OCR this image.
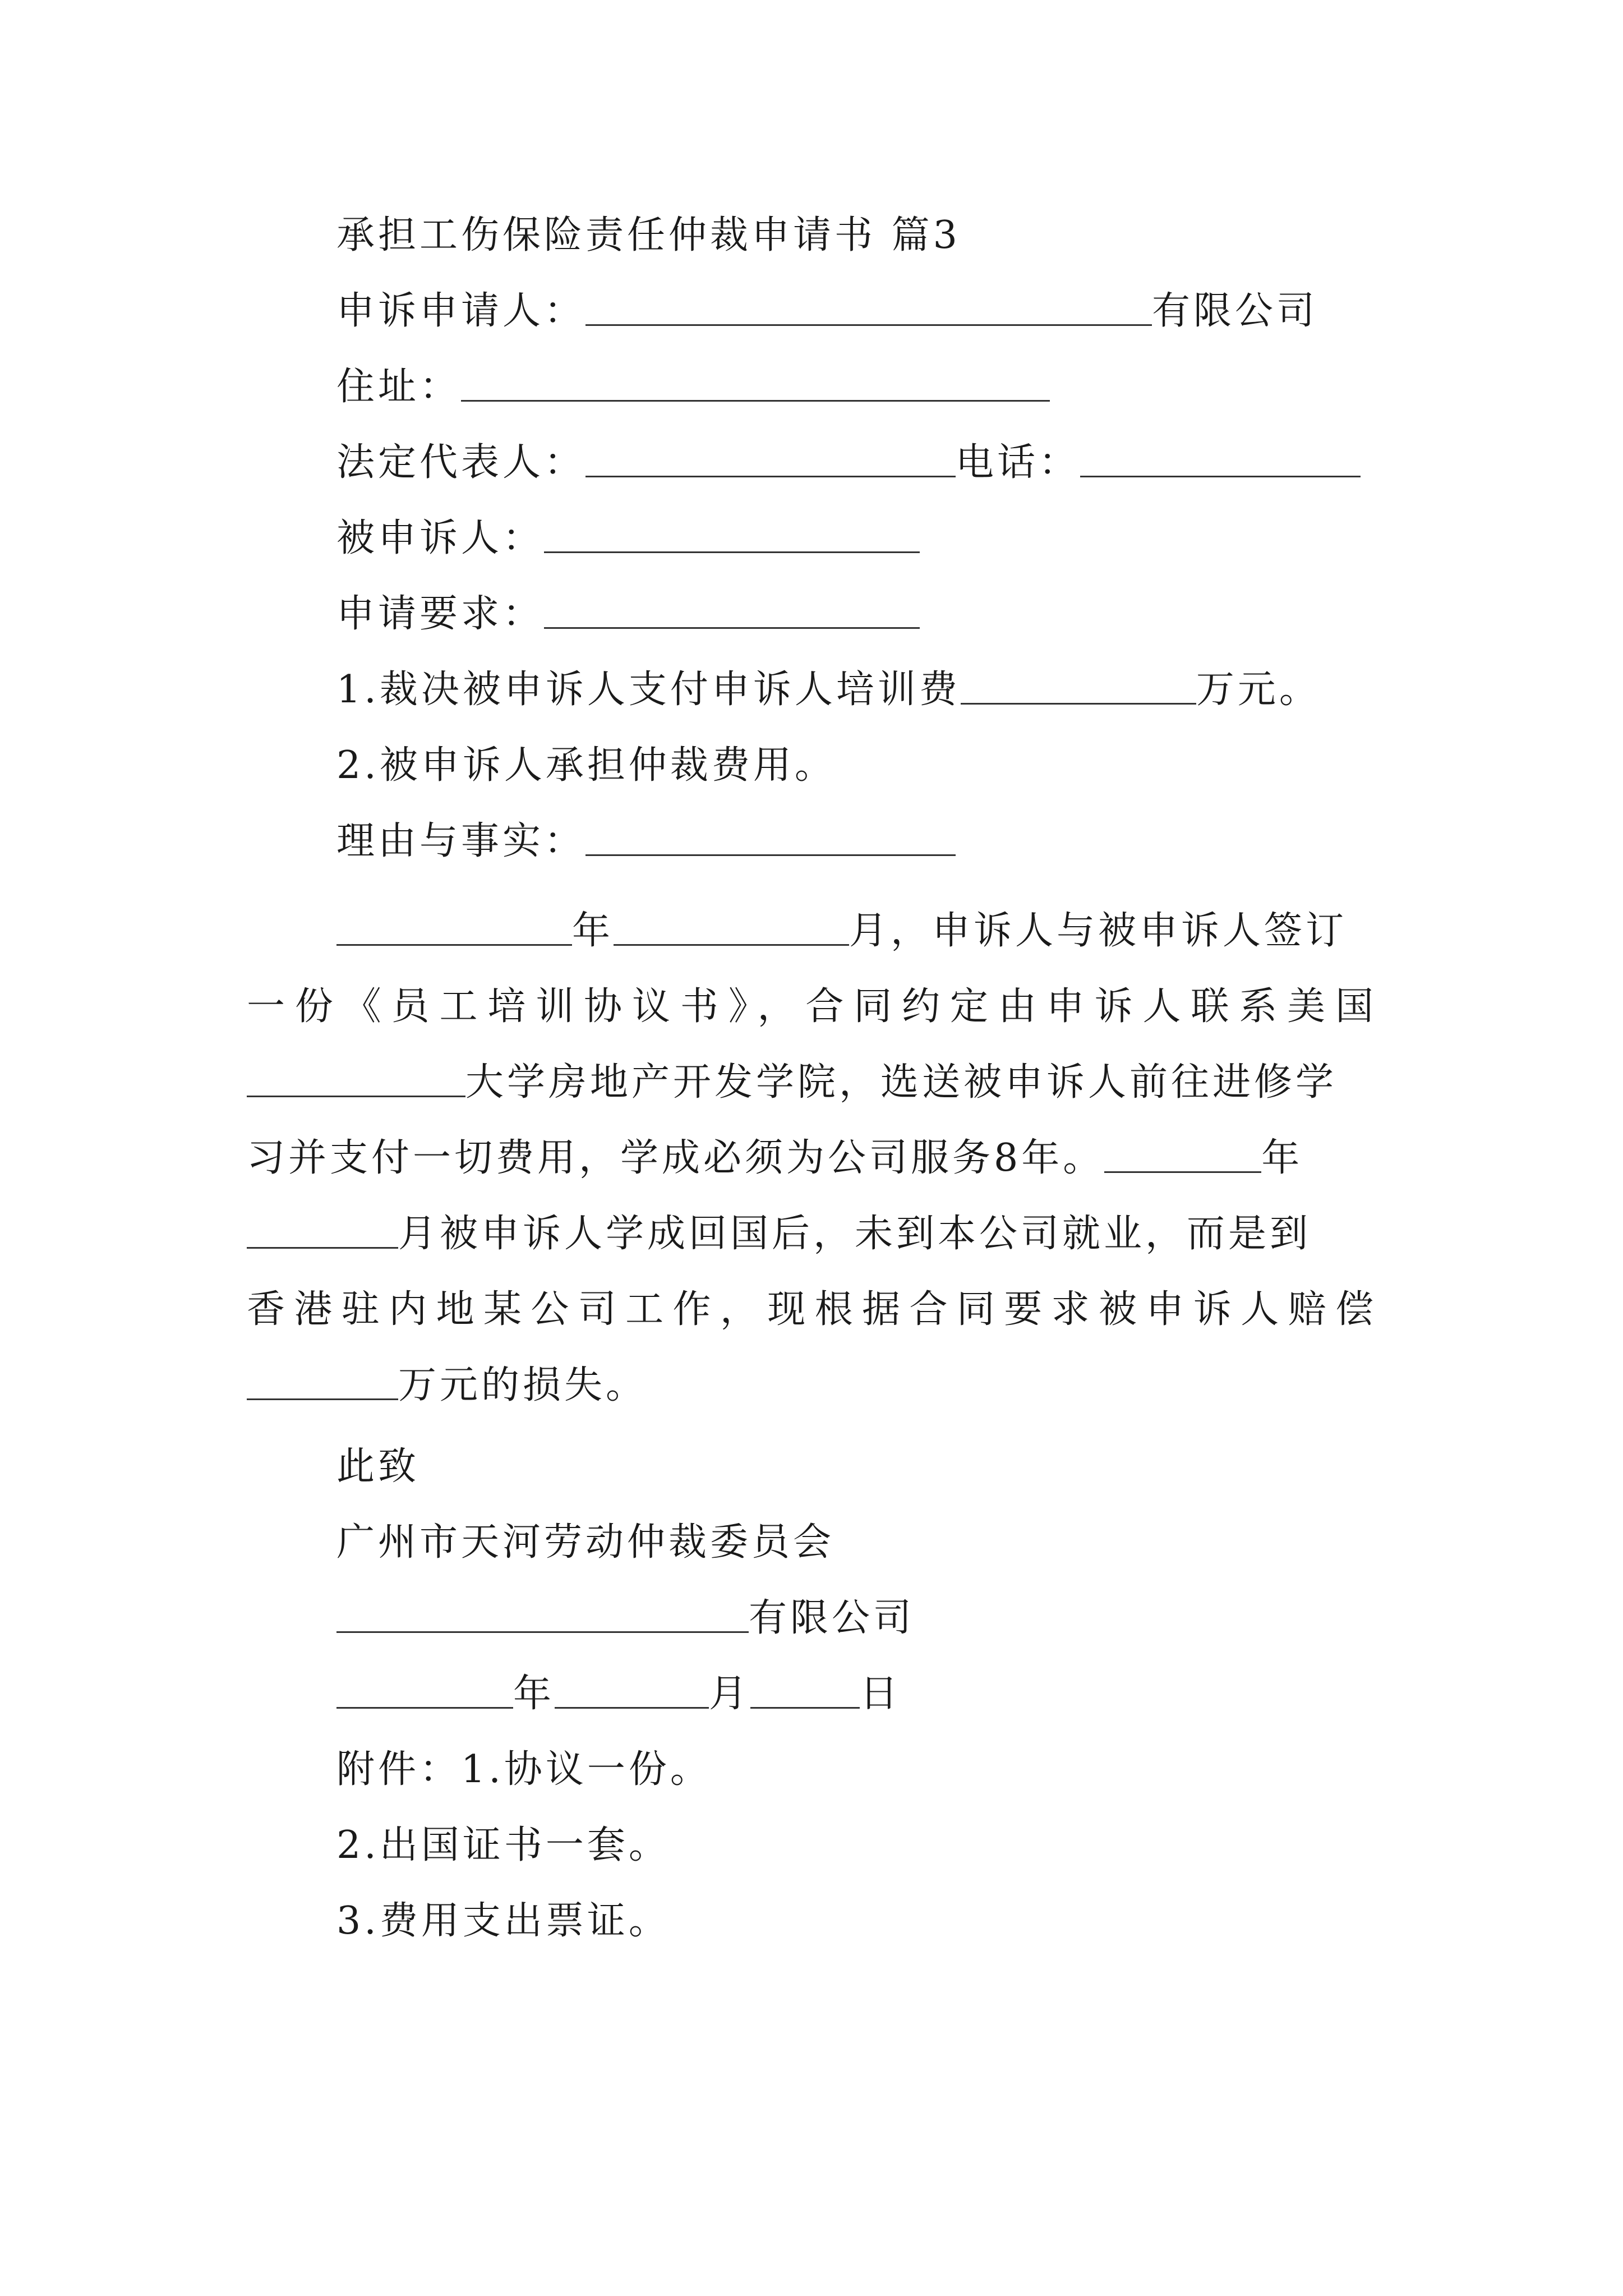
承担工伤保险责任仲裁申请书 篇3
申诉申请人：	有限公司
住址：
法定代表人：	电话：
被申诉人：
申请要求：
1.裁决被申诉人支付申诉人培训费	万元。
2.被申诉人承担仲裁费用。
理由与事实：
年	月，申诉人与被申诉人签订
一份《员工培训协议书》，合同约定由申诉人联系美国
大学房地产开发学院，选送被申诉人前往进修学
习并支付一切费用，学成必须为公司服务8年。	年
月被申诉人学成回国后，未到本公司就业，而是到
香港驻内地某公司工作，现根据合同要求被申诉人赔偿
万元的损失。
此致
广州市天河劳动仲裁委员会
有限公司
年	月	日
附件：1.协议一份。
2.出国证书一套。
3.费用支出票证。
